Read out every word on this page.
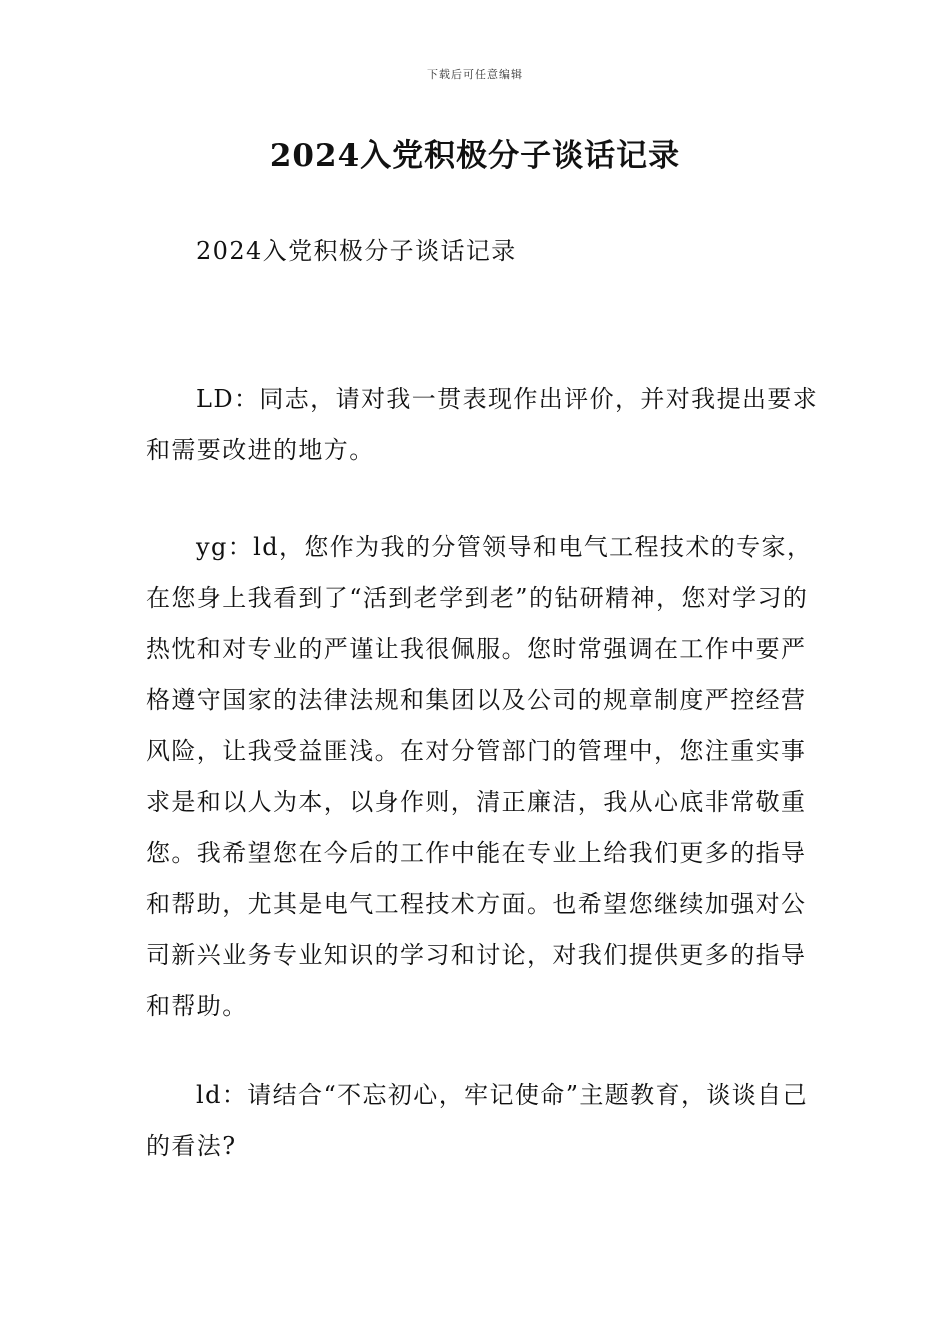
下载后可任意编辑
2024入党积极分子谈话记录

2024入党积极分子谈话记录

LD：同志，请对我一贯表现作出评价，并对我提出要求和需要改进的地方。

yg：ld，您作为我的分管领导和电气工程技术的专家，在您身上我看到了“活到老学到老”的钻研精神，您对学习的热忱和对专业的严谨让我很佩服。您时常强调在工作中要严格遵守国家的法律法规和集团以及公司的规章制度严控经营风险，让我受益匪浅。在对分管部门的管理中，您注重实事求是和以人为本，以身作则，清正廉洁，我从心底非常敬重您。我希望您在今后的工作中能在专业上给我们更多的指导和帮助，尤其是电气工程技术方面。也希望您继续加强对公司新兴业务专业知识的学习和讨论，对我们提供更多的指导和帮助。

ld：请结合“不忘初心，牢记使命”主题教育，谈谈自己的看法?
